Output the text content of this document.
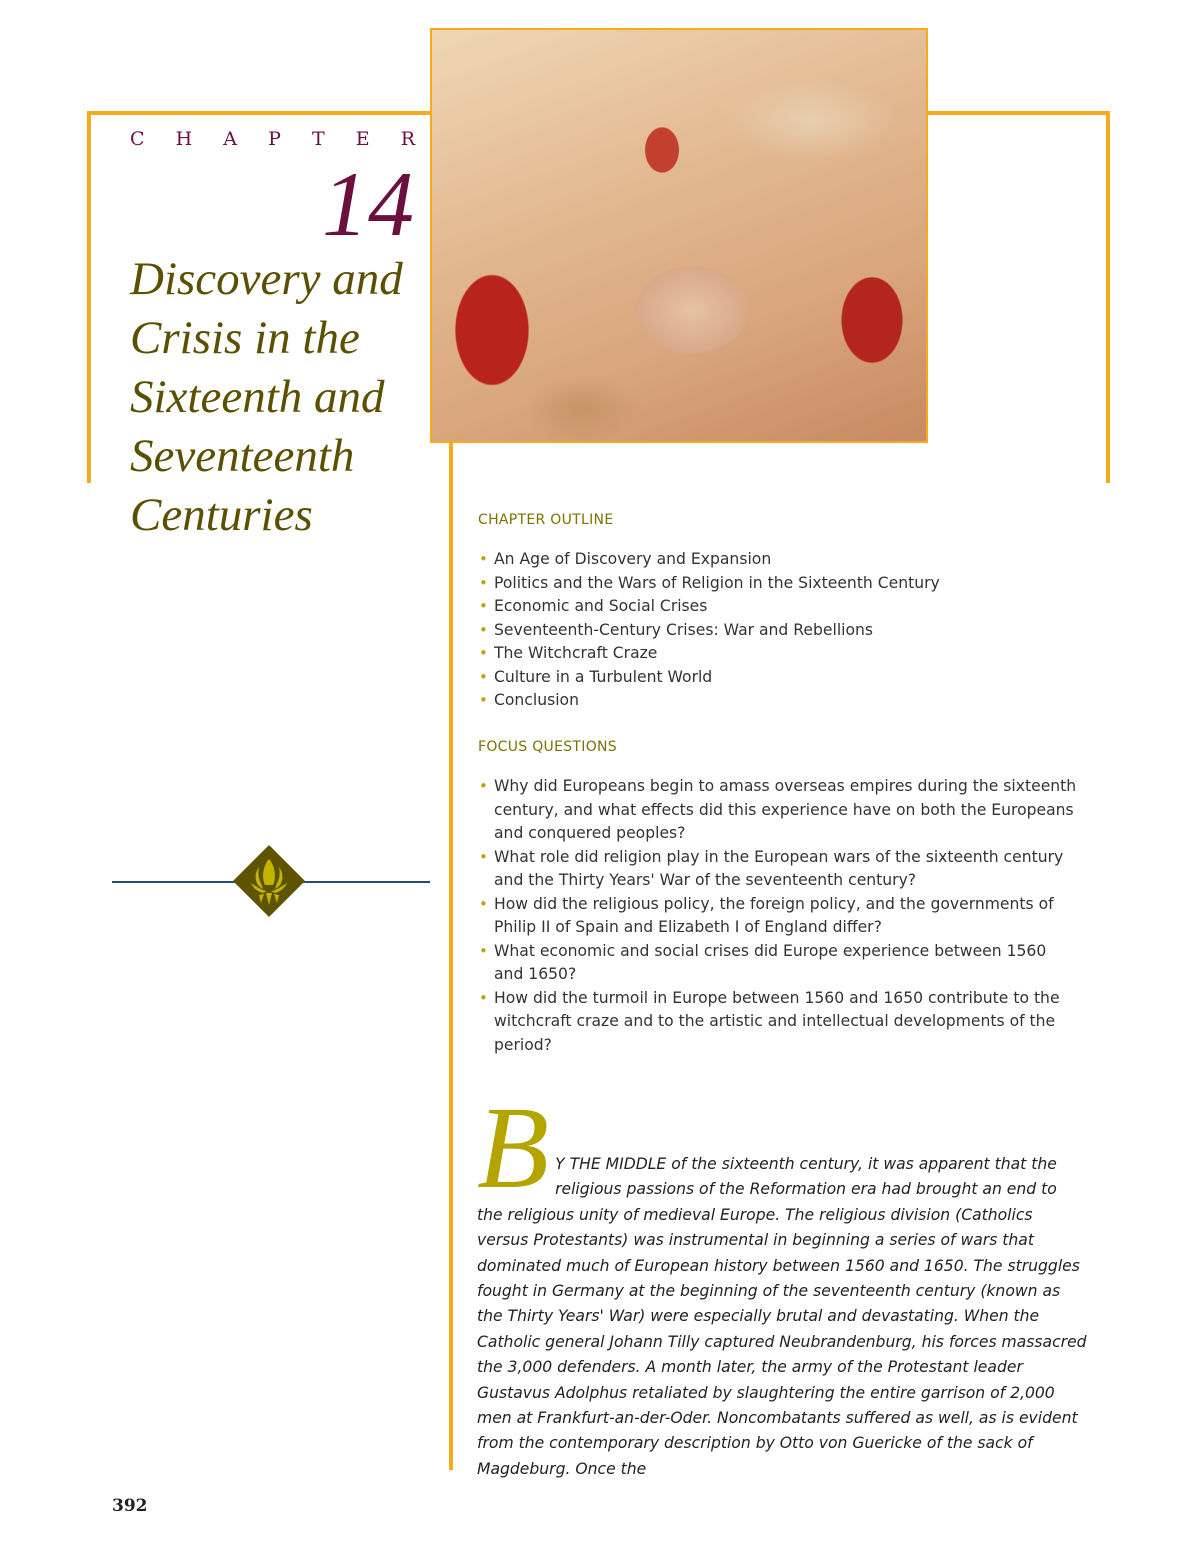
C H A P T E R
14
Discovery and Crisis in the Sixteenth and Seventeenth Centuries	CHAPTER OUTLINE
• An Age of Discovery and Expansion
• Politics and the Wars of Religion in the Sixteenth Century
• Economic and Social Crises
• Seventeenth-Century Crises: War and Rebellions
• The Witchcraft Craze
• Culture in a Turbulent World
• Conclusion
FOCUS QUESTIONS
• Why did Europeans begin to amass overseas empires during the sixteenth century, and what effects did this experience have on both the Europeans and conquered peoples?
• What role did religion play in the European wars of the sixteenth century and the Thirty Years' War of the seventeenth century?
• How did the religious policy, the foreign policy, and the governments of Philip II of Spain and Elizabeth I of England differ?
• What economic and social crises did Europe experience between 1560 and 1650?
• How did the turmoil in Europe between 1560 and 1650 contribute to the witchcraft craze and to the artistic and intellectual developments of the period?
B Y THE MIDDLE of the sixteenth century, it was apparent that the religious passions of the Reformation era had brought an end to the religious unity of medieval Europe. The religious division (Catholics versus Protestants) was instrumental in beginning a series of wars that dominated much of European history between 1560 and 1650. The struggles fought in Germany at the beginning of the seventeenth century (known as the Thirty Years' War) were especially brutal and devastating. When the Catholic general Johann Tilly captured Neubrandenburg, his forces massacred the 3,000 defenders. A month later, the army of the Protestant leader Gustavus Adolphus retaliated by slaughtering the entire garrison of 2,000 men at Frankfurt-an-der-Oder. Noncombatants suffered as well, as is evident from the contemporary description by Otto von Guericke of the sack of Magdeburg. Once the
392
